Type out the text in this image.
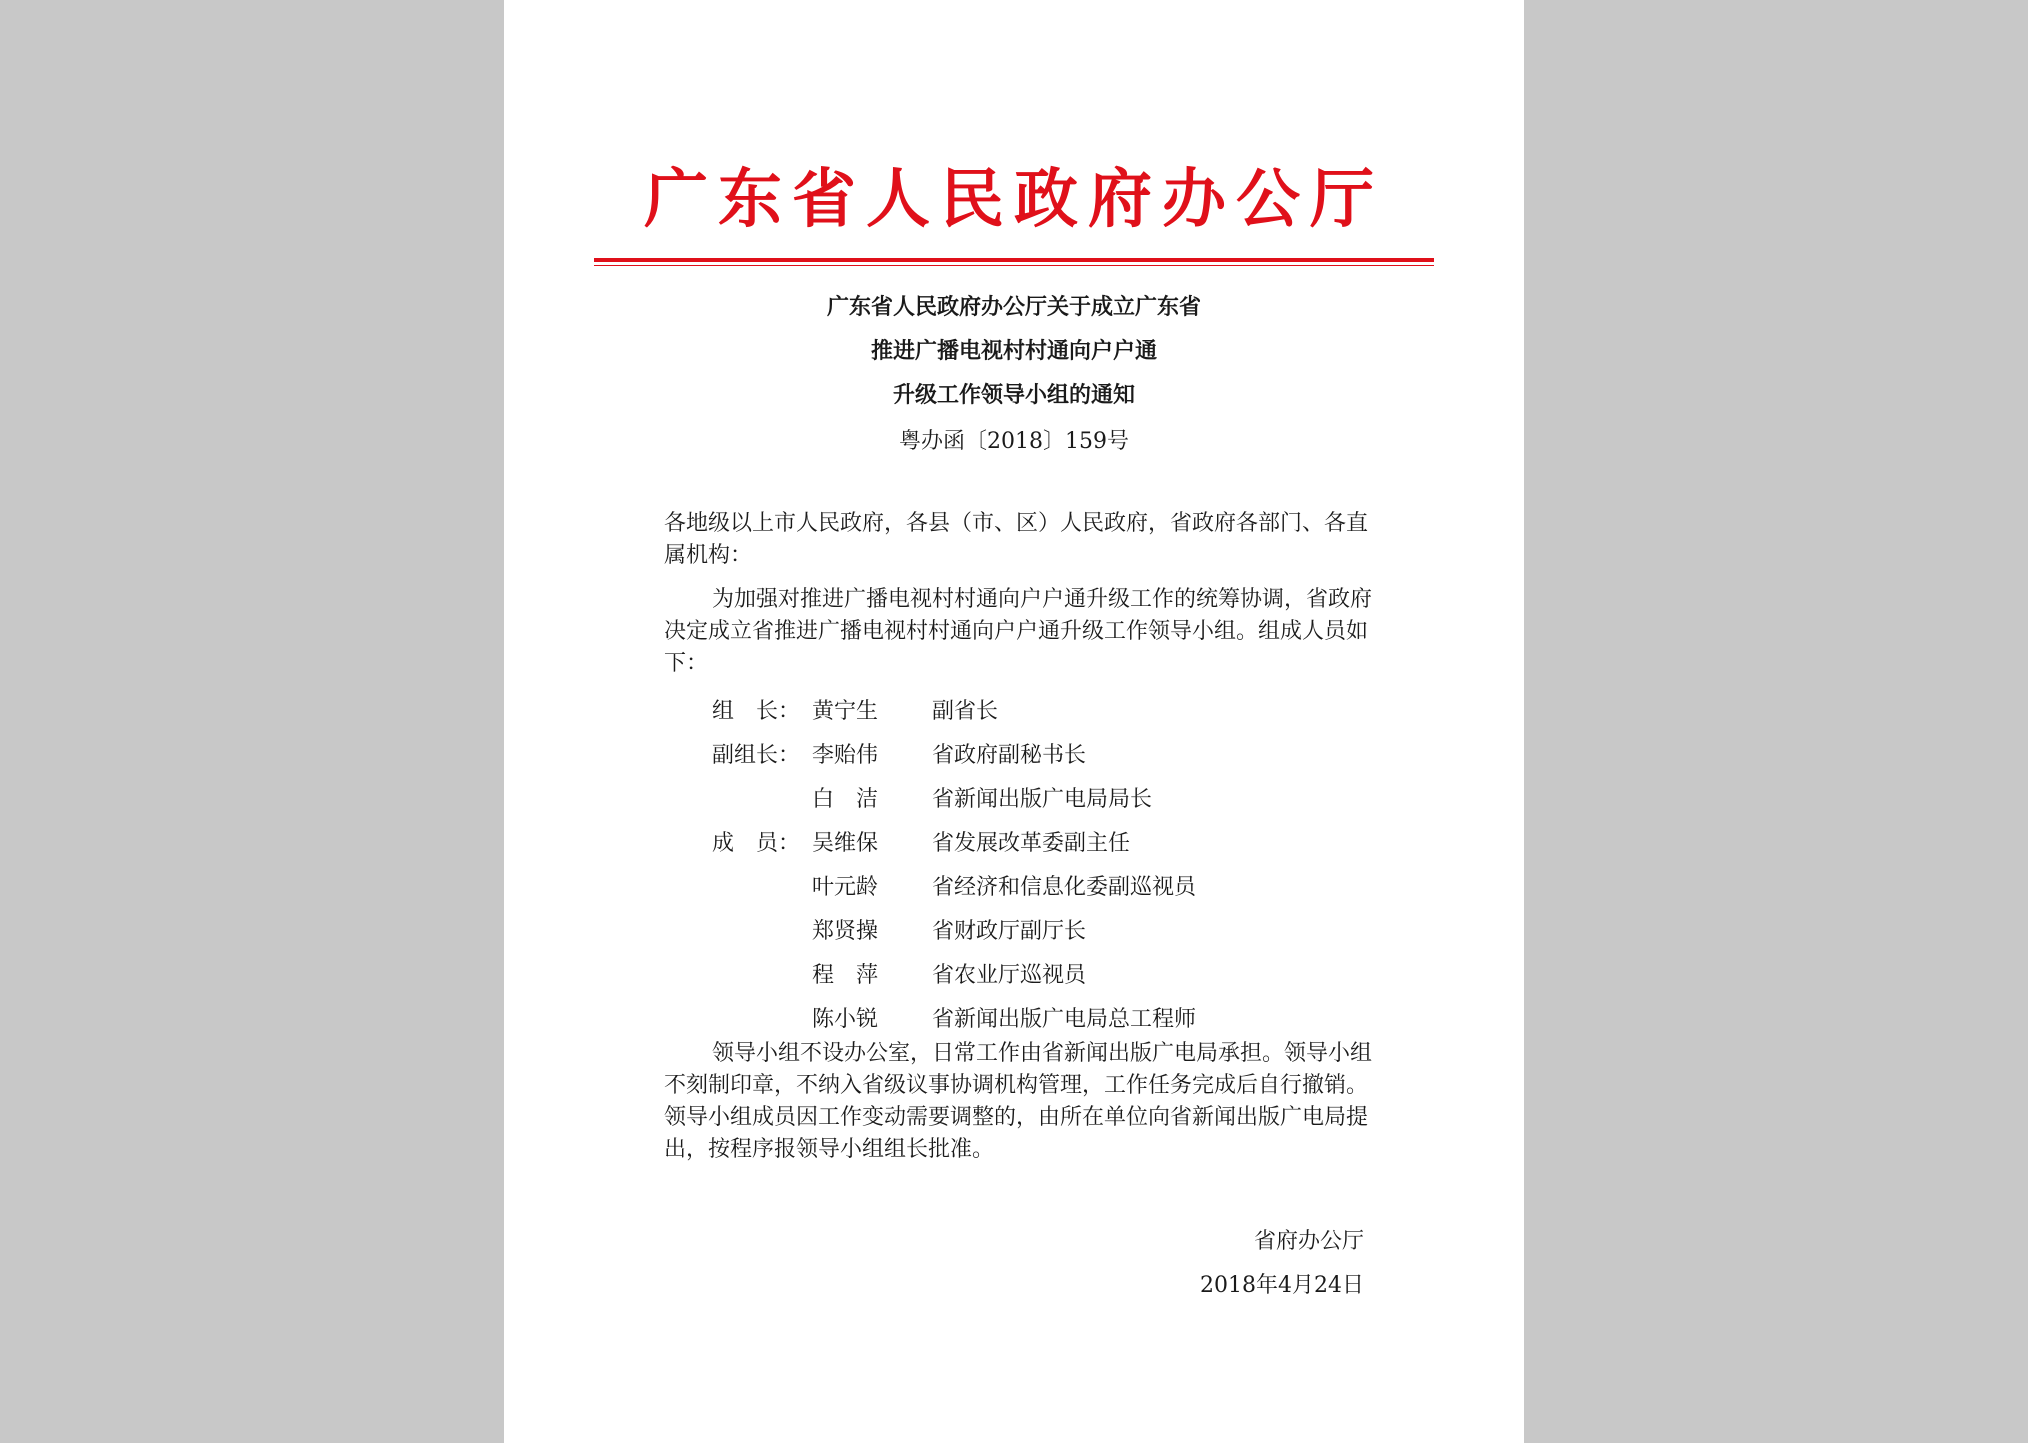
广东省人民政府办公厅
广东省人民政府办公厅关于成立广东省
推进广播电视村村通向户户通
升级工作领导小组的通知
粤办函〔2018〕159号
各地级以上市人民政府，各县（市、区）人民政府，省政府各部门、各直属机构：
为加强对推进广播电视村村通向户户通升级工作的统筹协调，省政府决定成立省推进广播电视村村通向户户通升级工作领导小组。组成人员如下：
组　长： 黄宁生	副省长
副组长： 李贻伟	省政府副秘书长
白　洁	省新闻出版广电局局长
成　员： 吴维保	省发展改革委副主任
叶元龄	省经济和信息化委副巡视员
郑贤操	省财政厅副厅长
程　萍	省农业厅巡视员
陈小锐	省新闻出版广电局总工程师
领导小组不设办公室，日常工作由省新闻出版广电局承担。领导小组不刻制印章，不纳入省级议事协调机构管理，工作任务完成后自行撤销。领导小组成员因工作变动需要调整的，由所在单位向省新闻出版广电局提出，按程序报领导小组组长批准。
省府办公厅
2018年4月24日
